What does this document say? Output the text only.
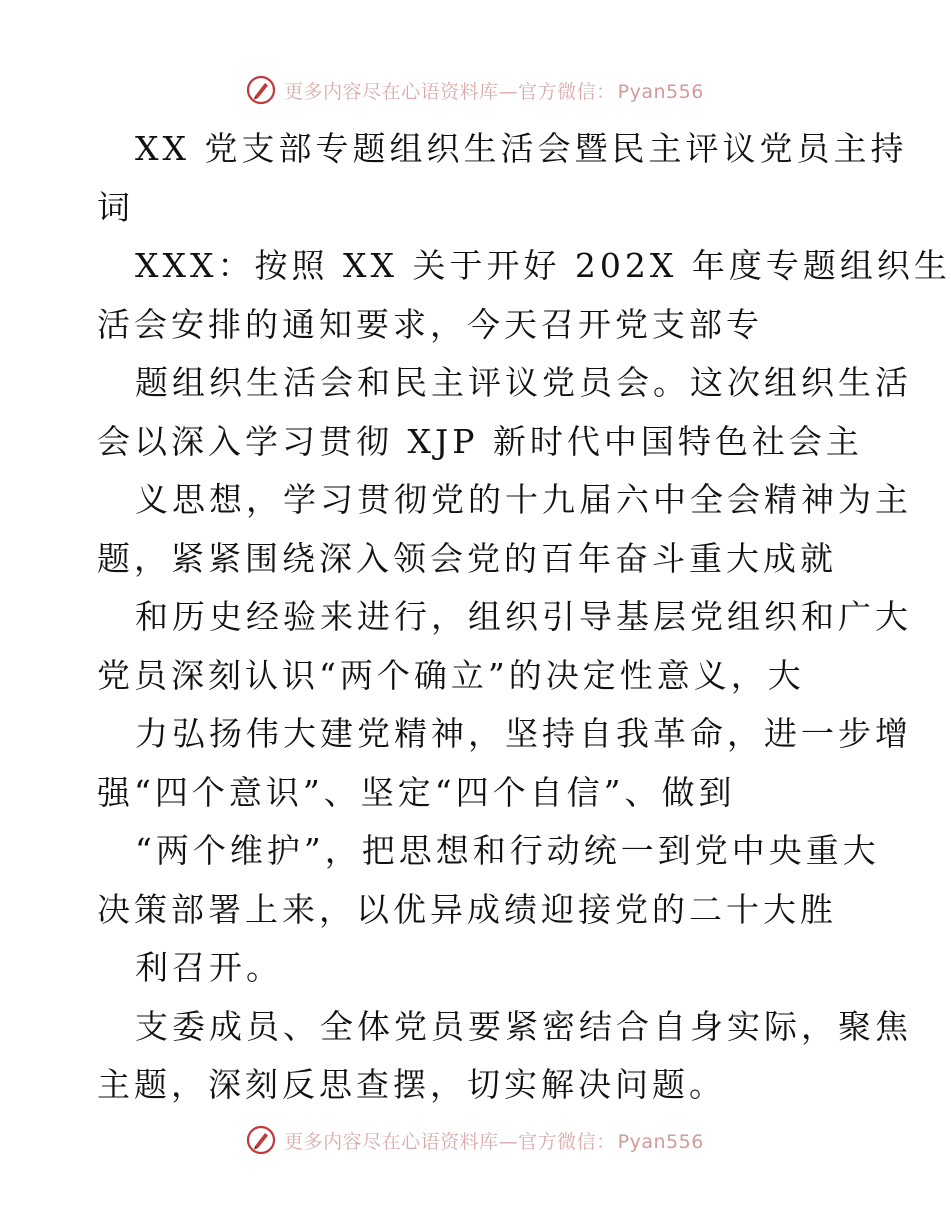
更多内容尽在心语资料库—官方微信： Pyan556
XX 党支部专题组织生活会暨民主评议党员主持
词
XXX：按照 XX 关于开好 202X 年度专题组织生
活会安排的通知要求，今天召开党支部专
题组织生活会和民主评议党员会。这次组织生活
会以深入学习贯彻 XJP 新时代中国特色社会主
义思想，学习贯彻党的十九届六中全会精神为主
题，紧紧围绕深入领会党的百年奋斗重大成就
和历史经验来进行，组织引导基层党组织和广大
党员深刻认识“两个确立”的决定性意义，大
力弘扬伟大建党精神，坚持自我革命，进一步增
强“四个意识”、坚定“四个自信”、做到
“两个维护”，把思想和行动统一到党中央重大
决策部署上来，以优异成绩迎接党的二十大胜
利召开。
支委成员、全体党员要紧密结合自身实际，聚焦
主题，深刻反思查摆，切实解决问题。
更多内容尽在心语资料库—官方微信： Pyan556
